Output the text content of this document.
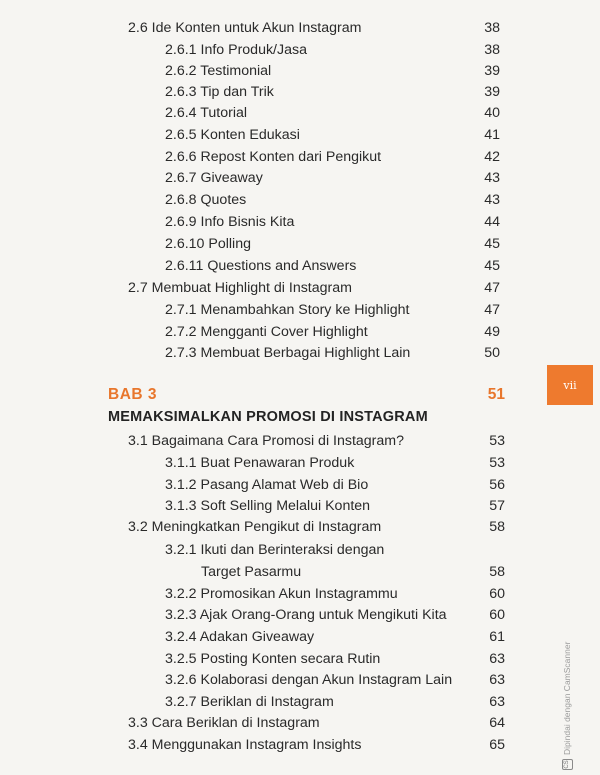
2.6 Ide Konten untuk Akun Instagram	38
2.6.1 Info Produk/Jasa	38
2.6.2 Testimonial	39
2.6.3 Tip dan Trik	39
2.6.4 Tutorial	40
2.6.5 Konten Edukasi	41
2.6.6 Repost Konten dari Pengikut	42
2.6.7 Giveaway	43
2.6.8 Quotes	43
2.6.9 Info Bisnis Kita	44
2.6.10 Polling	45
2.6.11 Questions and Answers	45
2.7 Membuat Highlight di Instagram	47
2.7.1 Menambahkan Story ke Highlight	47
2.7.2 Mengganti Cover Highlight	49
2.7.3 Membuat Berbagai Highlight Lain	50
BAB 3	51
MEMAKSIMALKAN PROMOSI DI INSTAGRAM
3.1 Bagaimana Cara Promosi di Instagram?	53
3.1.1 Buat Penawaran Produk	53
3.1.2 Pasang Alamat Web di Bio	56
3.1.3 Soft Selling Melalui Konten	57
3.2 Meningkatkan Pengikut di Instagram	58
3.2.1 Ikuti dan Berinteraksi dengan
Target Pasarmu	58
3.2.2 Promosikan Akun Instagrammu	60
3.2.3 Ajak Orang-Orang untuk Mengikuti Kita	60
3.2.4 Adakan Giveaway	61
3.2.5 Posting Konten secara Rutin	63
3.2.6 Kolaborasi dengan Akun Instagram Lain	63
3.2.7 Beriklan di Instagram	63
3.3 Cara Beriklan di Instagram	64
3.4 Menggunakan Instagram Insights	65
vii
CS
Dipindai dengan CamScanner
